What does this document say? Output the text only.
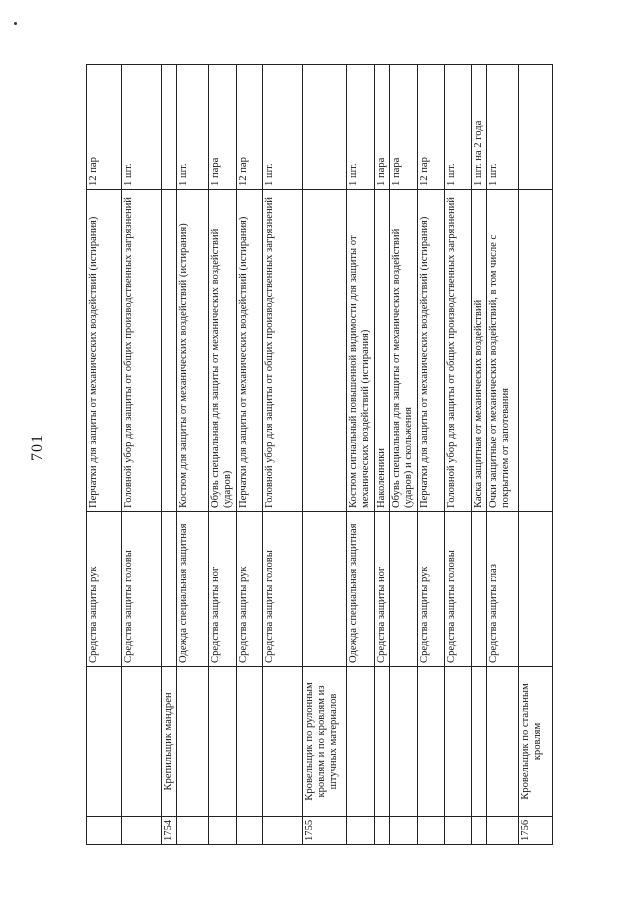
701
		Средства защиты рук	Перчатки для защиты от механических воздействий (истирания)	12 пар
		Средства защиты головы	Головной убор для защиты от общих производственных загрязнений	1 шт.
1754	Крепильщик мандрен			

		Одежда специальная защитная	Костюм для защиты от механических воздействий (истирания)	1 шт.
		Средства защиты ног	Обувь специальная для защиты от механических воздействий (ударов)	1 пара
		Средства защиты рук	Перчатки для защиты от механических воздействий (истирания)	12 пар
		Средства защиты головы	Головной убор для защиты от общих производственных загрязнений	1 шт.
1755	Кровельщик по рулонным кровлям и по кровлям из штучных материалов			

		Одежда специальная защитная	Костюм сигнальный повышенной видимости для защиты от механических воздействий (истирания)	1 шт.
		Средства защиты ног	Наколенники	1 пара
			Обувь специальная для защиты от механических воздействий (ударов) и скольжения	1 пара
		Средства защиты рук	Перчатки для защиты от механических воздействий (истирания)	12 пар
		Средства защиты головы	Головной убор для защиты от общих производственных загрязнений	1 шт.
			Каска защитная от механических воздействий	1 шт. на 2 года
		Средства защиты глаз	Очки защитные от механических воздействий, в том числе с покрытием от запотевания	1 шт.
1756	Кровельщик по стальным кровлям			
